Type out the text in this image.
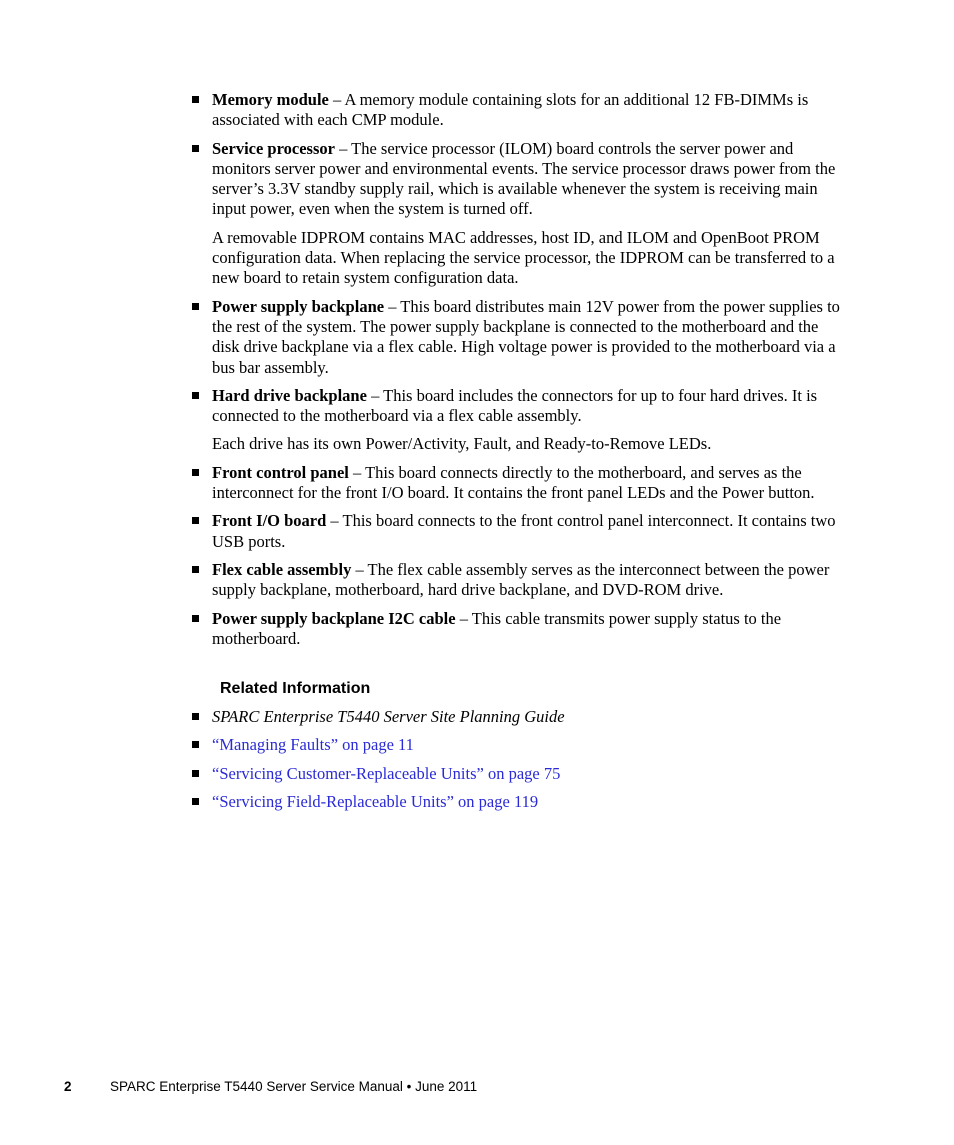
Memory module – A memory module containing slots for an additional 12 FB-DIMMs is associated with each CMP module.
Service processor – The service processor (ILOM) board controls the server power and monitors server power and environmental events. The service processor draws power from the server’s 3.3V standby supply rail, which is available whenever the system is receiving main input power, even when the system is turned off.

A removable IDPROM contains MAC addresses, host ID, and ILOM and OpenBoot PROM configuration data. When replacing the service processor, the IDPROM can be transferred to a new board to retain system configuration data.

Power supply backplane – This board distributes main 12V power from the power supplies to the rest of the system. The power supply backplane is connected to the motherboard and the disk drive backplane via a flex cable. High voltage power is provided to the motherboard via a bus bar assembly.
Hard drive backplane – This board includes the connectors for up to four hard drives. It is connected to the motherboard via a flex cable assembly.

Each drive has its own Power/Activity, Fault, and Ready-to-Remove LEDs.

Front control panel – This board connects directly to the motherboard, and serves as the interconnect for the front I/O board. It contains the front panel LEDs and the Power button.
Front I/O board – This board connects to the front control panel interconnect. It contains two USB ports.
Flex cable assembly – The flex cable assembly serves as the interconnect between the power supply backplane, motherboard, hard drive backplane, and DVD-ROM drive.
Power supply backplane I2C cable – This cable transmits power supply status to the motherboard.
Related Information
SPARC Enterprise T5440 Server Site Planning Guide
“Managing Faults” on page 11
“Servicing Customer-Replaceable Units” on page 75
“Servicing Field-Replaceable Units” on page 119
2	SPARC Enterprise T5440 Server Service Manual • June 2011
